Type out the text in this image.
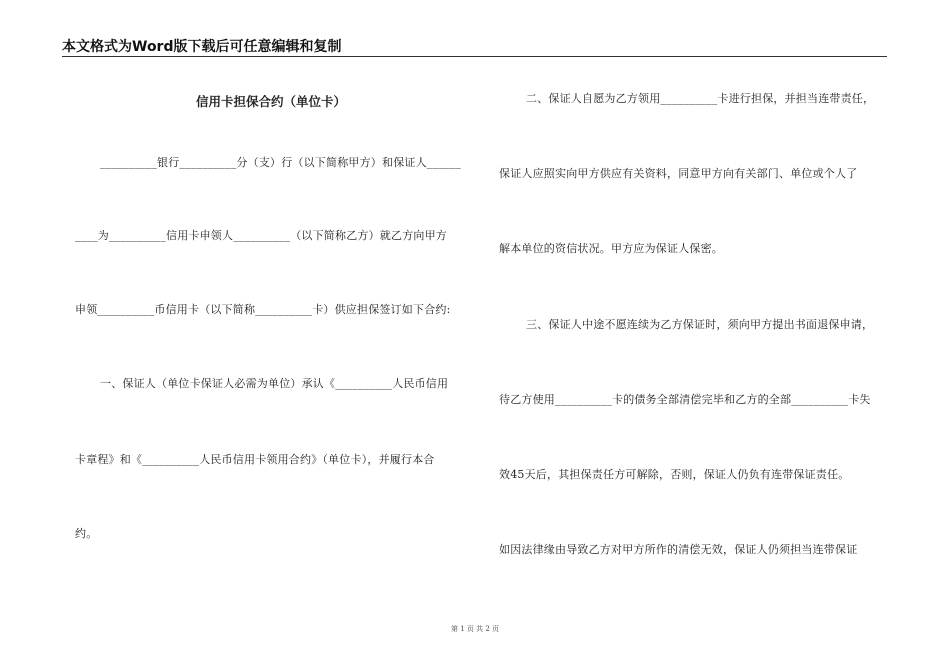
本文格式为Word版下载后可任意编辑和复制
信用卡担保合约（单位卡）
__________银行__________分（支）行（以下简称甲方）和保证人______
____为__________信用卡申领人__________（以下简称乙方）就乙方向甲方
申领__________币信用卡（以下简称__________卡）供应担保签订如下合约:
一、保证人（单位卡保证人必需为单位）承认《__________人民币信用
卡章程》和《__________人民币信用卡领用合约》（单位卡），并履行本合
约。
二、保证人自愿为乙方领用__________卡进行担保，并担当连带责任，
保证人应照实向甲方供应有关资料，同意甲方向有关部门、单位或个人了
解本单位的资信状况。甲方应为保证人保密。
三、保证人中途不愿连续为乙方保证时，须向甲方提出书面退保申请，
待乙方使用__________卡的债务全部清偿完毕和乙方的全部__________卡失
效45天后，其担保责任方可解除，否则，保证人仍负有连带保证责任。
如因法律缘由导致乙方对甲方所作的清偿无效，保证人仍须担当连带保证
第 1 页 共 2 页
